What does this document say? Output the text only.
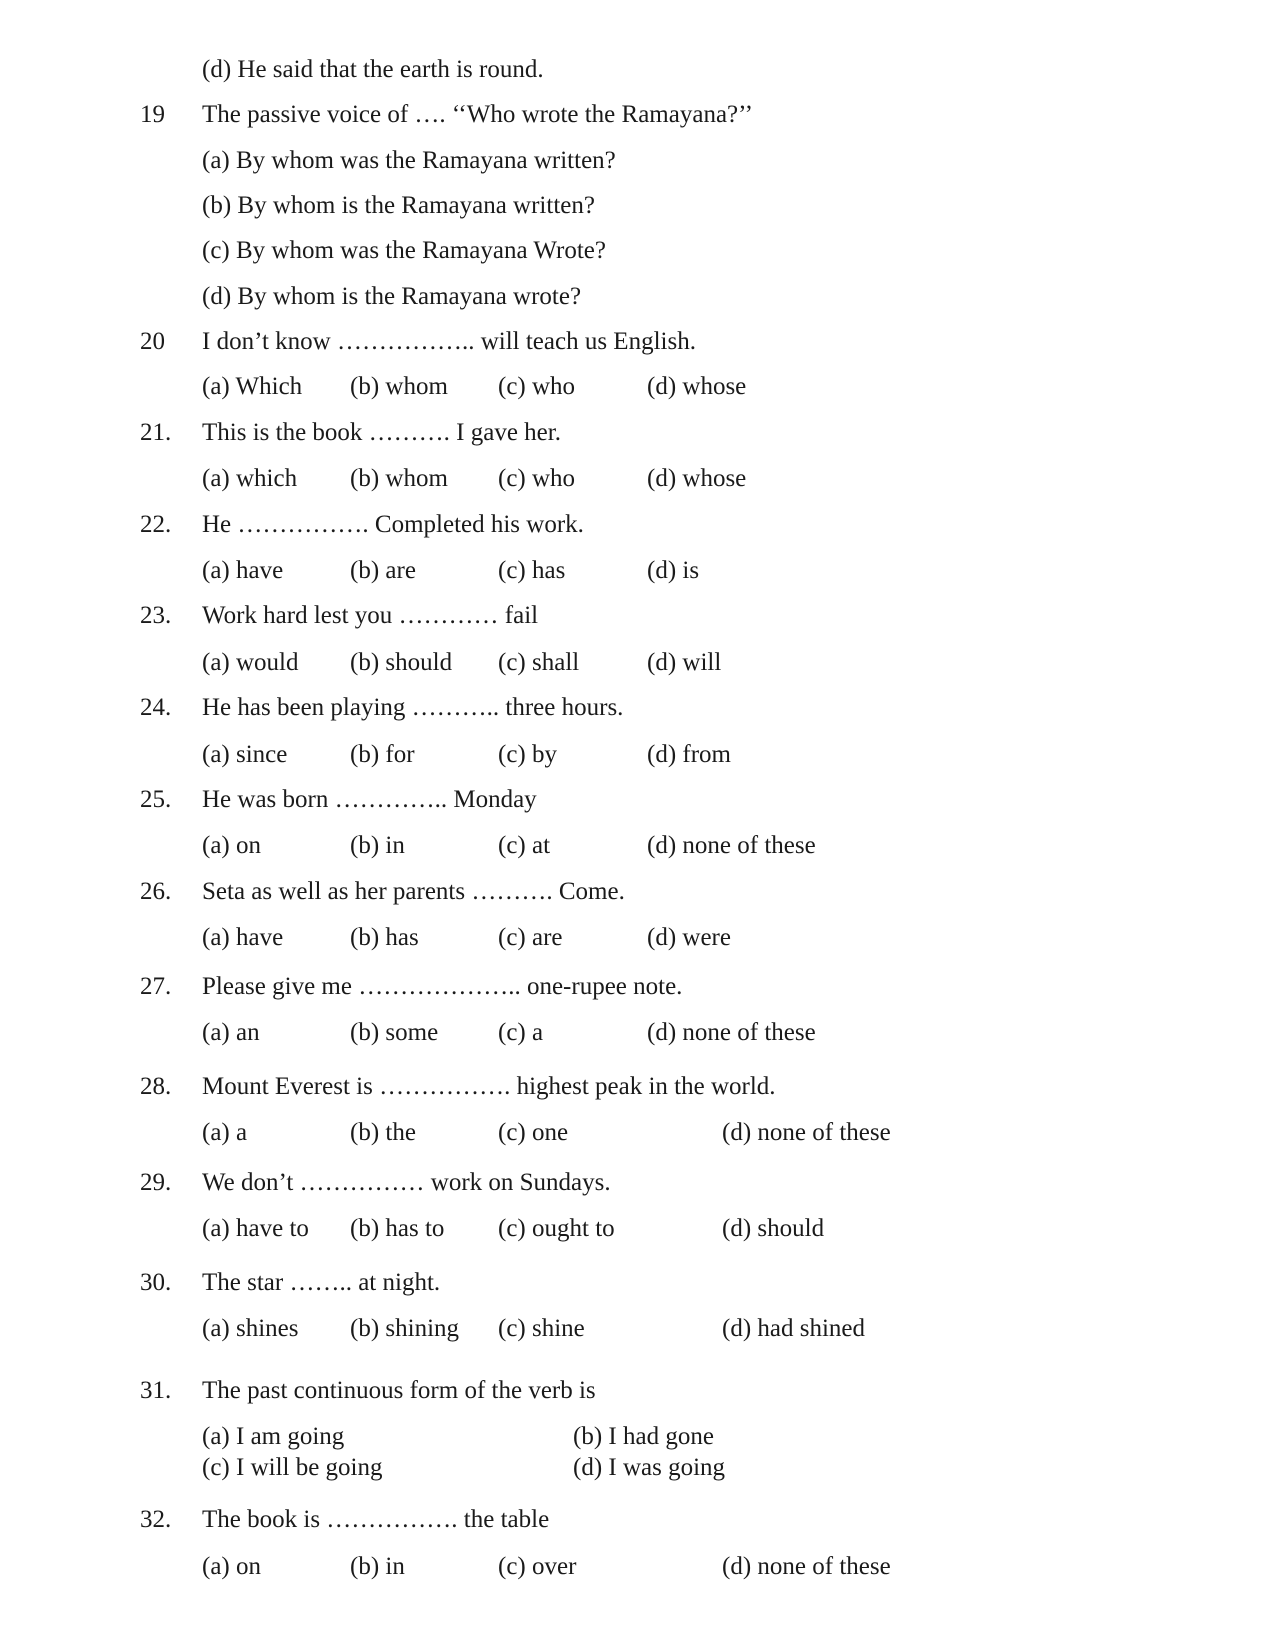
(d) He said that the earth is round.
19 The passive voice of …. ‘‘Who wrote the Ramayana?’’
(a) By whom was the Ramayana written?
(b) By whom is the Ramayana written?
(c) By whom was the Ramayana Wrote?
(d) By whom is the Ramayana wrote?
20 I don’t know …………….. will teach us English.
(a) Which (b) whom (c) who	(d) whose
21. This is the book ………. I gave her.
(a) which (b) whom (c) who	(d) whose
22. He ……………. Completed his work.
(a) have	(b) are	(c) has	(d) is
23. Work hard lest you ………… fail
(a) would (b) should (c) shall	(d) will
24. He has been playing ……….. three hours.
(a) since	(b) for	(c) by	(d) from
25. He was born ………….. Monday
(a) on	(b) in	(c) at	(d) none of these
26. Seta as well as her parents ………. Come.
(a) have	(b) has	(c) are	(d) were
27. Please give me ……………….. one-rupee note.
(a) an	(b) some (c) a	(d) none of these
28. Mount Everest is ……………. highest peak in the world.
(a) a	(b) the	(c) one	(d) none of these
29. We don’t …………… work on Sundays.
(a) have to (b) has to (c) ought to	(d) should
30. The star …….. at night.
(a) shines (b) shining (c) shine	(d) had shined
31. The past continuous form of the verb is
(a) I am going	(b) I had gone
(c) I will be going	(d) I was going
32. The book is ……………. the table
(a) on	(b) in	(c) over	(d) none of these
